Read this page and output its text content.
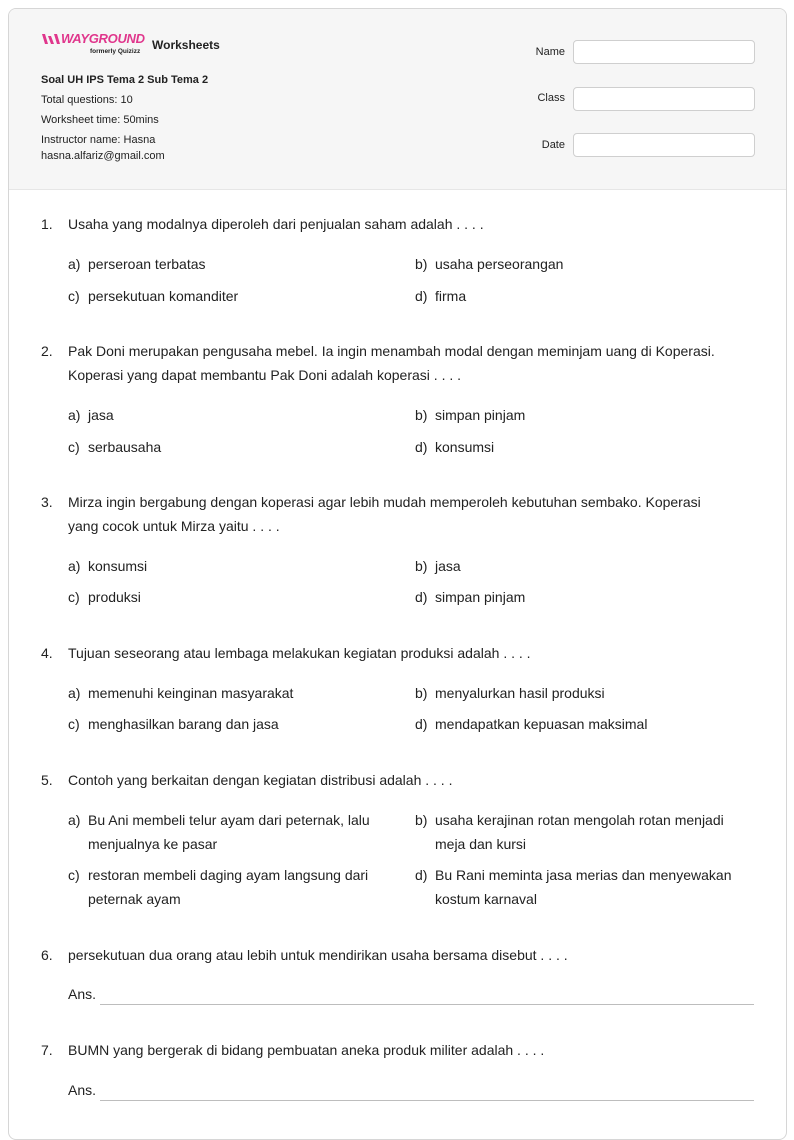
WAYGROUND
formerly Quizizz Worksheets
Soal UH IPS Tema 2 Sub Tema 2
Total questions: 10
Worksheet time: 50mins
Instructor name: Hasna
hasna.alfariz@gmail.com
Name
Class
Date
1. Usaha yang modalnya diperoleh dari penjualan saham adalah . . . .
a) perseroan terbatas	b) usaha perseorangan
c) persekutuan komanditer	d) firma
2. Pak Doni merupakan pengusaha mebel. Ia ingin menambah modal dengan meminjam uang di Koperasi. Koperasi yang dapat membantu Pak Doni adalah koperasi . . . .
a) jasa	b) simpan pinjam
c) serbausaha	d) konsumsi
3. Mirza ingin bergabung dengan koperasi agar lebih mudah memperoleh kebutuhan sembako. Koperasi yang cocok untuk Mirza yaitu . . . .
a) konsumsi	b) jasa
c) produksi	d) simpan pinjam
4. Tujuan seseorang atau lembaga melakukan kegiatan produksi adalah . . . .
a) memenuhi keinginan masyarakat	b) menyalurkan hasil produksi
c) menghasilkan barang dan jasa	d) mendapatkan kepuasan maksimal
5. Contoh yang berkaitan dengan kegiatan distribusi adalah . . . .
a) Bu Ani membeli telur ayam dari peternak, lalu menjualnya ke pasar
b) usaha kerajinan rotan mengolah rotan menjadi meja dan kursi
c) restoran membeli daging ayam langsung dari peternak ayam
d) Bu Rani meminta jasa merias dan menyewakan kostum karnaval
6. persekutuan dua orang atau lebih untuk mendirikan usaha bersama disebut . . . .
Ans.
7. BUMN yang bergerak di bidang pembuatan aneka produk militer adalah . . . .
Ans.
